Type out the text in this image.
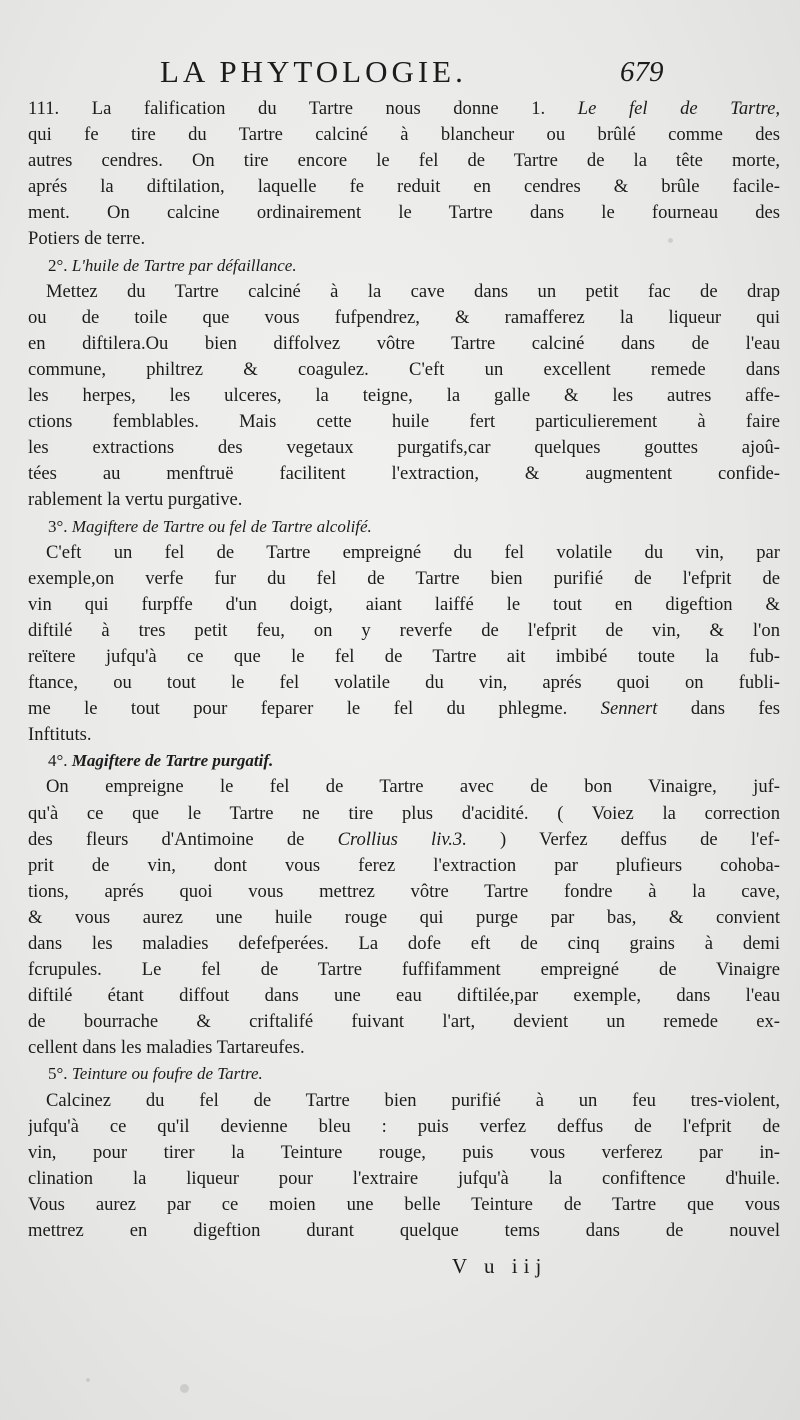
LA PHYTOLOGIE.	679
111. La falification du Tartre nous donne 1. Le fel de Tartre,
qui fe tire du Tartre calciné à blancheur ou brûlé comme des
autres cendres. On tire encore le fel de Tartre de la tête morte,
aprés la diftilation, laquelle fe reduit en cendres & brûle facile-
ment. On calcine ordinairement le Tartre dans le fourneau des
Potiers de terre.
2°. L'huile de Tartre par défaillance.
Mettez du Tartre calciné à la cave dans un petit fac de drap
ou de toile que vous fufpendrez, & ramafferez la liqueur qui
en diftilera.Ou bien diffolvez vôtre Tartre calciné dans de l'eau
commune, philtrez & coagulez. C'eft un excellent remede dans
les herpes, les ulceres, la teigne, la galle & les autres affe-
ctions femblables. Mais cette huile fert particulierement à faire
les extractions des vegetaux purgatifs,car quelques gouttes ajoû-
tées au menftruë facilitent l'extraction, & augmentent confide-
rablement la vertu purgative.
3°. Magiftere de Tartre ou fel de Tartre alcolifé.
C'eft un fel de Tartre empreigné du fel volatile du vin, par
exemple,on verfe fur du fel de Tartre bien purifié de l'efprit de
vin qui furpffe d'un doigt, aiant laiffé le tout en digeftion &
diftilé à tres petit feu, on y reverfe de l'efprit de vin, & l'on
reïtere jufqu'à ce que le fel de Tartre ait imbibé toute la fub-
ftance, ou tout le fel volatile du vin, aprés quoi on fubli-
me le tout pour feparer le fel du phlegme. Sennert dans fes
Inftituts.
4°. Magiftere de Tartre purgatif.
On empreigne le fel de Tartre avec de bon Vinaigre, juf-
qu'à ce que le Tartre ne tire plus d'acidité. ( Voiez la correction
des fleurs d'Antimoine de Crollius liv.3. ) Verfez deffus de l'ef-
prit de vin, dont vous ferez l'extraction par plufieurs cohoba-
tions, aprés quoi vous mettrez vôtre Tartre fondre à la cave,
& vous aurez une huile rouge qui purge par bas, & convient
dans les maladies defefperées. La dofe eft de cinq grains à demi
fcrupules. Le fel de Tartre fuffifamment empreigné de Vinaigre
diftilé étant diffout dans une eau diftilée,par exemple, dans l'eau
de bourrache & criftalifé fuivant l'art, devient un remede ex-
cellent dans les maladies Tartareufes.
5°. Teinture ou foufre de Tartre.
Calcinez du fel de Tartre bien purifié à un feu tres-violent,
jufqu'à ce qu'il devienne bleu : puis verfez deffus de l'efprit de
vin, pour tirer la Teinture rouge, puis vous verferez par in-
clination la liqueur pour l'extraire jufqu'à la confiftence d'huile.
Vous aurez par ce moien une belle Teinture de Tartre que vous
mettrez en digeftion durant quelque tems dans de nouvel
V u iij
